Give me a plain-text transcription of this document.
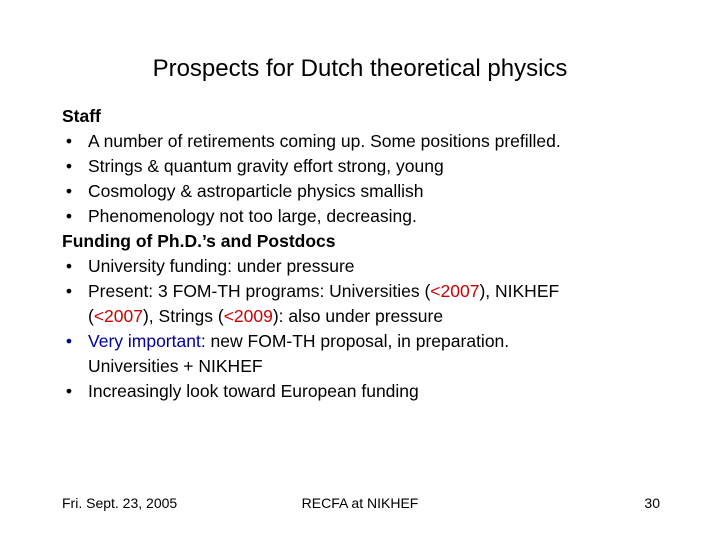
Prospects for Dutch theoretical physics
Staff
• A number of retirements coming up. Some positions prefilled.
• Strings & quantum gravity effort strong, young
• Cosmology & astroparticle physics smallish
• Phenomenology not too large, decreasing.
Funding of Ph.D.’s and Postdocs
• University funding: under pressure
• Present: 3 FOM-TH programs: Universities (<2007), NIKHEF
(<2007), Strings (<2009): also under pressure
• Very important: new FOM-TH proposal, in preparation.
Universities + NIKHEF
• Increasingly look toward European funding
Fri. Sept. 23, 2005	RECFA at NIKHEF	30
